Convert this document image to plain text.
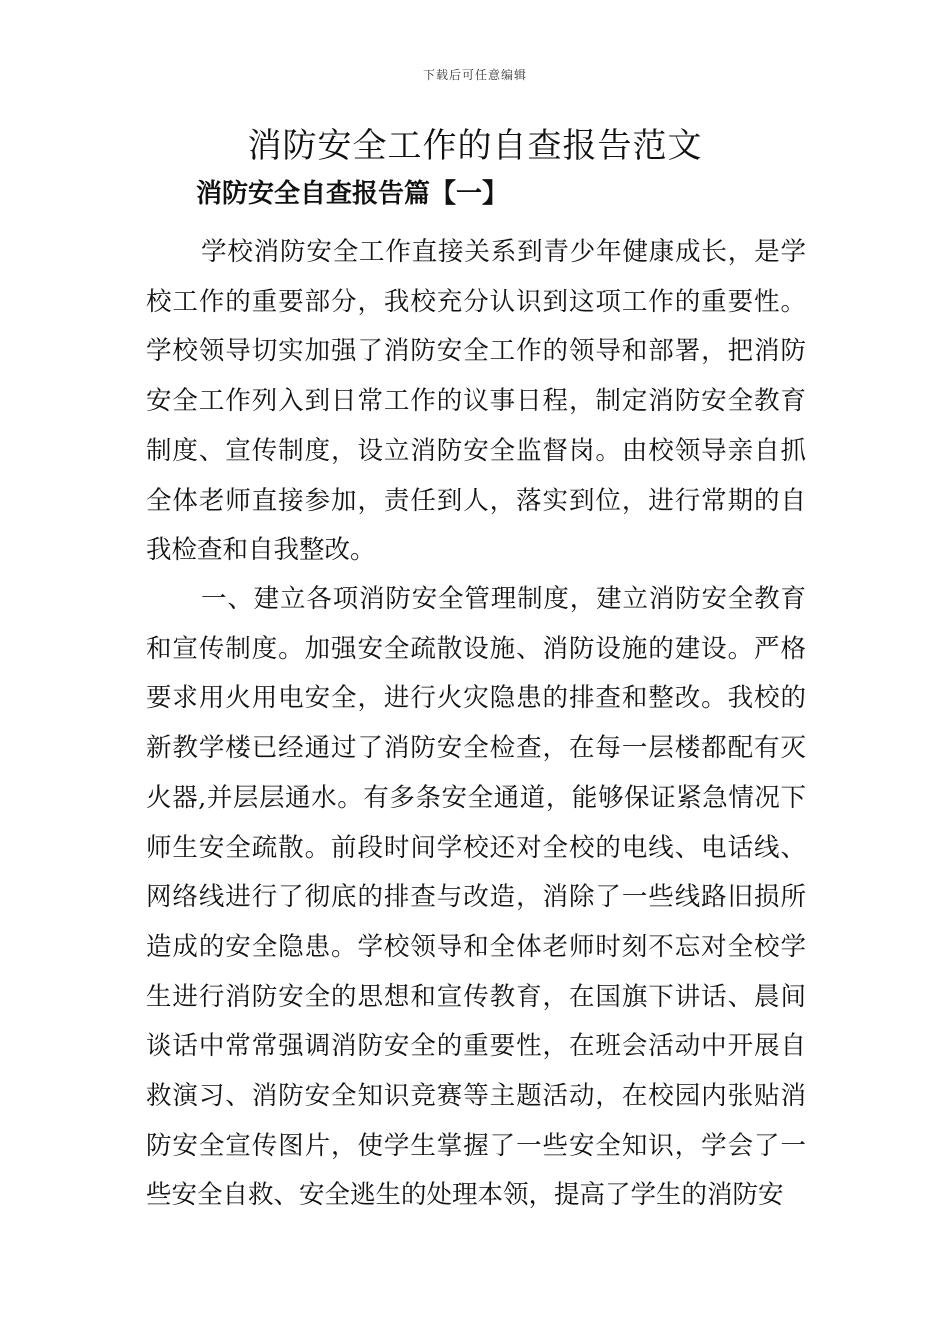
下载后可任意编辑
消防安全工作的自查报告范文
消防安全自查报告篇【一】

学校消防安全工作直接关系到青少年健康成长，是学校工作的重要部分，我校充分认识到这项工作的重要性。学校领导切实加强了消防安全工作的领导和部署，把消防安全工作列入到日常工作的议事日程，制定消防安全教育制度、宣传制度，设立消防安全监督岗。由校领导亲自抓全体老师直接参加，责任到人，落实到位，进行常期的自我检查和自我整改。

一、建立各项消防安全管理制度，建立消防安全教育和宣传制度。加强安全疏散设施、消防设施的建设。严格要求用火用电安全，进行火灾隐患的排查和整改。我校的新教学楼已经通过了消防安全检查，在每一层楼都配有灭火器,并层层通水。有多条安全通道，能够保证紧急情况下师生安全疏散。前段时间学校还对全校的电线、电话线、网络线进行了彻底的排查与改造，消除了一些线路旧损所造成的安全隐患。学校领导和全体老师时刻不忘对全校学生进行消防安全的思想和宣传教育，在国旗下讲话、晨间谈话中常常强调消防安全的重要性，在班会活动中开展自救演习、消防安全知识竞赛等主题活动，在校园内张贴消防安全宣传图片，使学生掌握了一些安全知识，学会了一些安全自救、安全逃生的处理本领，提高了学生的消防安
